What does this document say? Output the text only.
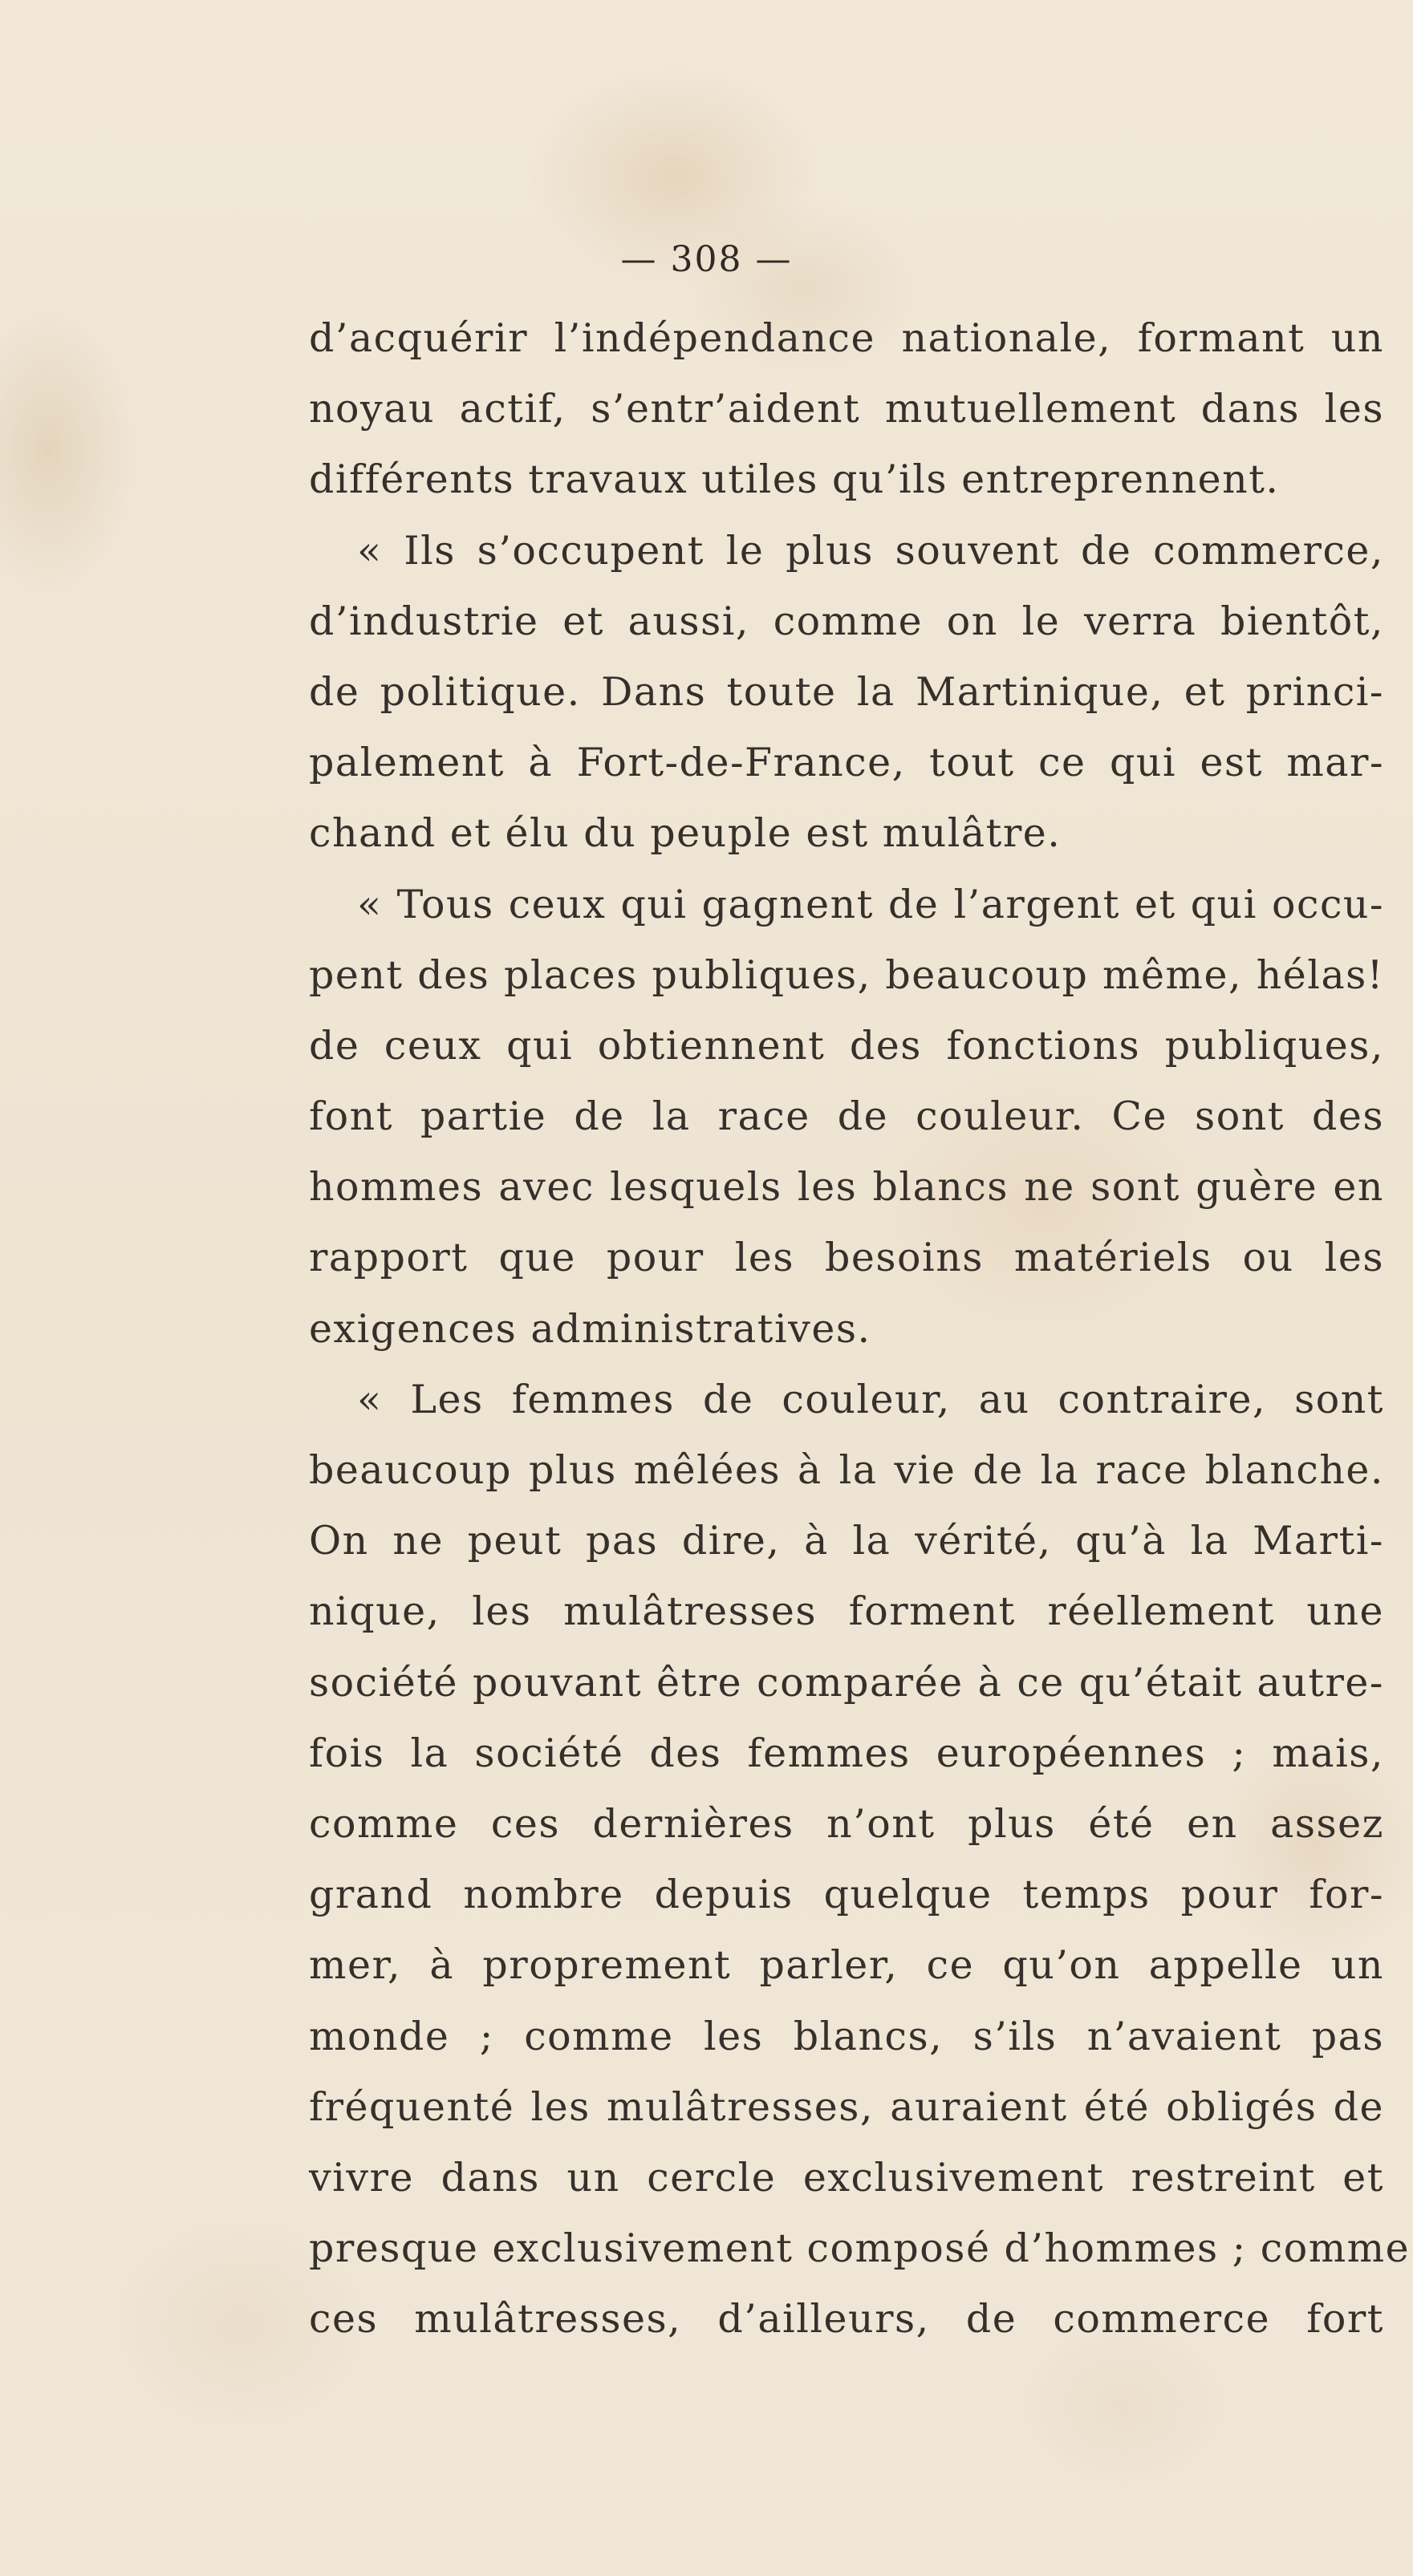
— 308 —
d’acquérir l’indépendance nationale, formant un
noyau actif, s’entr’aident mutuellement dans les
différents travaux utiles qu’ils entreprennent.
« Ils s’occupent le plus souvent de commerce,
d’industrie et aussi, comme on le verra bientôt,
de politique. Dans toute la Martinique, et princi-
palement à Fort-de-France, tout ce qui est mar-
chand et élu du peuple est mulâtre.
« Tous ceux qui gagnent de l’argent et qui occu-
pent des places publiques, beaucoup même, hélas!
de ceux qui obtiennent des fonctions publiques,
font partie de la race de couleur. Ce sont des
hommes avec lesquels les blancs ne sont guère en
rapport que pour les besoins matériels ou les
exigences administratives.
« Les femmes de couleur, au contraire, sont
beaucoup plus mêlées à la vie de la race blanche.
On ne peut pas dire, à la vérité, qu’à la Marti-
nique, les mulâtresses forment réellement une
société pouvant être comparée à ce qu’était autre-
fois la société des femmes européennes ; mais,
comme ces dernières n’ont plus été en assez
grand nombre depuis quelque temps pour for-
mer, à proprement parler, ce qu’on appelle un
monde ; comme les blancs, s’ils n’avaient pas
fréquenté les mulâtresses, auraient été obligés de
vivre dans un cercle exclusivement restreint et
presque exclusivement composé d’hommes ; comme
ces mulâtresses, d’ailleurs, de commerce fort
